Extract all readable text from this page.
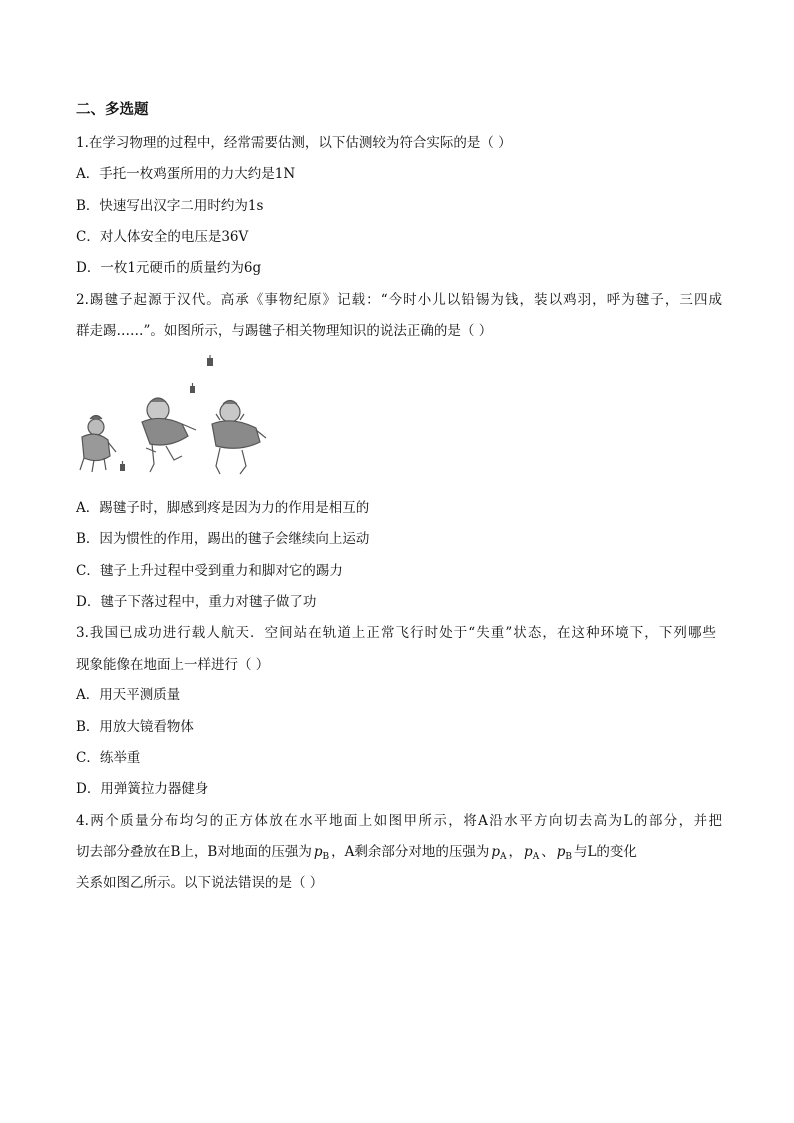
二、多选题
1.在学习物理的过程中，经常需要估测，以下估测较为符合实际的是（ ）
A．手托一枚鸡蛋所用的力大约是1N
B．快速写出汉字二用时约为1s
C．对人体安全的电压是36V
D．一枚1元硬币的质量约为6g
2.踢毽子起源于汉代。高承《事物纪原》记载：“今时小儿以铅锡为钱，装以鸡羽，呼为毽子，三四成
群走踢……”。如图所示，与踢毽子相关物理知识的说法正确的是（ ）
A．踢毽子时，脚感到疼是因为力的作用是相互的
B．因为惯性的作用，踢出的毽子会继续向上运动
C．毽子上升过程中受到重力和脚对它的踢力
D．毽子下落过程中，重力对毽子做了功
3.我国已成功进行载人航天．空间站在轨道上正常飞行时处于“失重”状态，在这种环境下，下列哪些
现象能像在地面上一样进行（ ）
A．用天平测质量
B．用放大镜看物体
C．练举重
D．用弹簧拉力器健身
4.两个质量分布均匀的正方体放在水平地面上如图甲所示，将A沿水平方向切去高为L的部分，并把
切去部分叠放在B上，B对地面的压强为 $p_B$ ，A剩余部分对地的压强为 $p_A$ ， $p_A$ 、 $p_B$ 与L的变化
关系如图乙所示。以下说法错误的是（ ）
